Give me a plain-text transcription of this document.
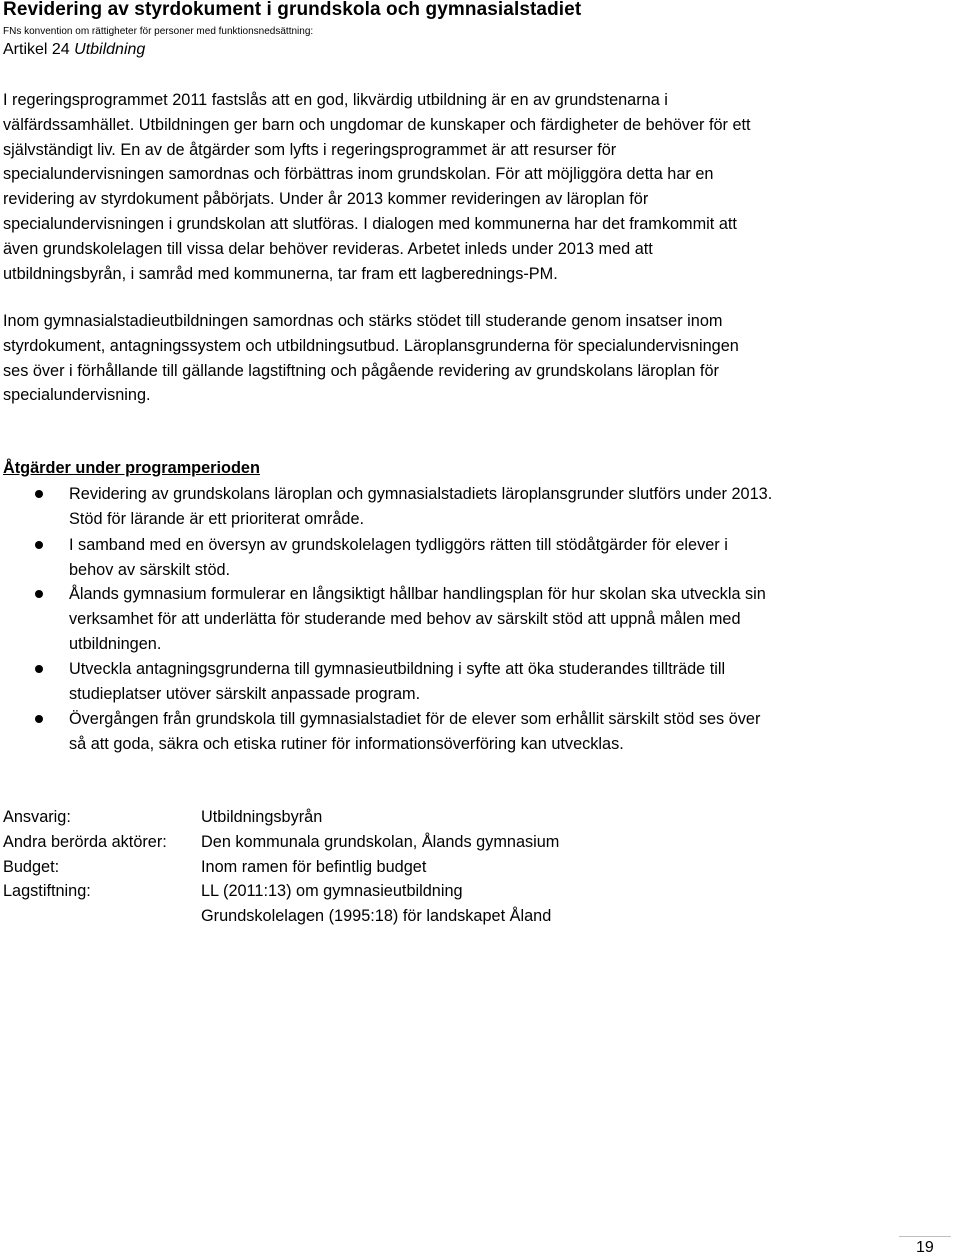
Revidering av styrdokument i grundskola och gymnasialstadiet
FNs konvention om rättigheter för personer med funktionsnedsättning:
Artikel 24 Utbildning
I regeringsprogrammet 2011 fastslås att en god, likvärdig utbildning är en av grundstenarna i
välfärdssamhället. Utbildningen ger barn och ungdomar de kunskaper och färdigheter de behöver för ett
självständigt liv. En av de åtgärder som lyfts i regeringsprogrammet är att resurser för
specialundervisningen samordnas och förbättras inom grundskolan. För att möjliggöra detta har en
revidering av styrdokument påbörjats. Under år 2013 kommer revideringen av läroplan för
specialundervisningen i grundskolan att slutföras. I dialogen med kommunerna har det framkommit att
även grundskolelagen till vissa delar behöver revideras. Arbetet inleds under 2013 med att
utbildningsbyrån, i samråd med kommunerna, tar fram ett lagberednings-PM.
Inom gymnasialstadieutbildningen samordnas och stärks stödet till studerande genom insatser inom
styrdokument, antagningssystem och utbildningsutbud. Läroplansgrunderna för specialundervisningen
ses över i förhållande till gällande lagstiftning och pågående revidering av grundskolans läroplan för
specialundervisning.
Åtgärder under programperioden
Revidering av grundskolans läroplan och gymnasialstadiets läroplansgrunder slutförs under 2013.
Stöd för lärande är ett prioriterat område.
I samband med en översyn av grundskolelagen tydliggörs rätten till stödåtgärder för elever i
behov av särskilt stöd.
Ålands gymnasium formulerar en långsiktigt hållbar handlingsplan för hur skolan ska utveckla sin
verksamhet för att underlätta för studerande med behov av särskilt stöd att uppnå målen med
utbildningen.
Utveckla antagningsgrunderna till gymnasieutbildning i syfte att öka studerandes tillträde till
studieplatser utöver särskilt anpassade program.
Övergången från grundskola till gymnasialstadiet för de elever som erhållit särskilt stöd ses över
så att goda, säkra och etiska rutiner för informationsöverföring kan utvecklas.
Ansvarig:	Utbildningsbyrån
Andra berörda aktörer:	Den kommunala grundskolan, Ålands gymnasium
Budget:	Inom ramen för befintlig budget
Lagstiftning:	LL (2011:13) om gymnasieutbildning
Grundskolelagen (1995:18) för landskapet Åland
19
